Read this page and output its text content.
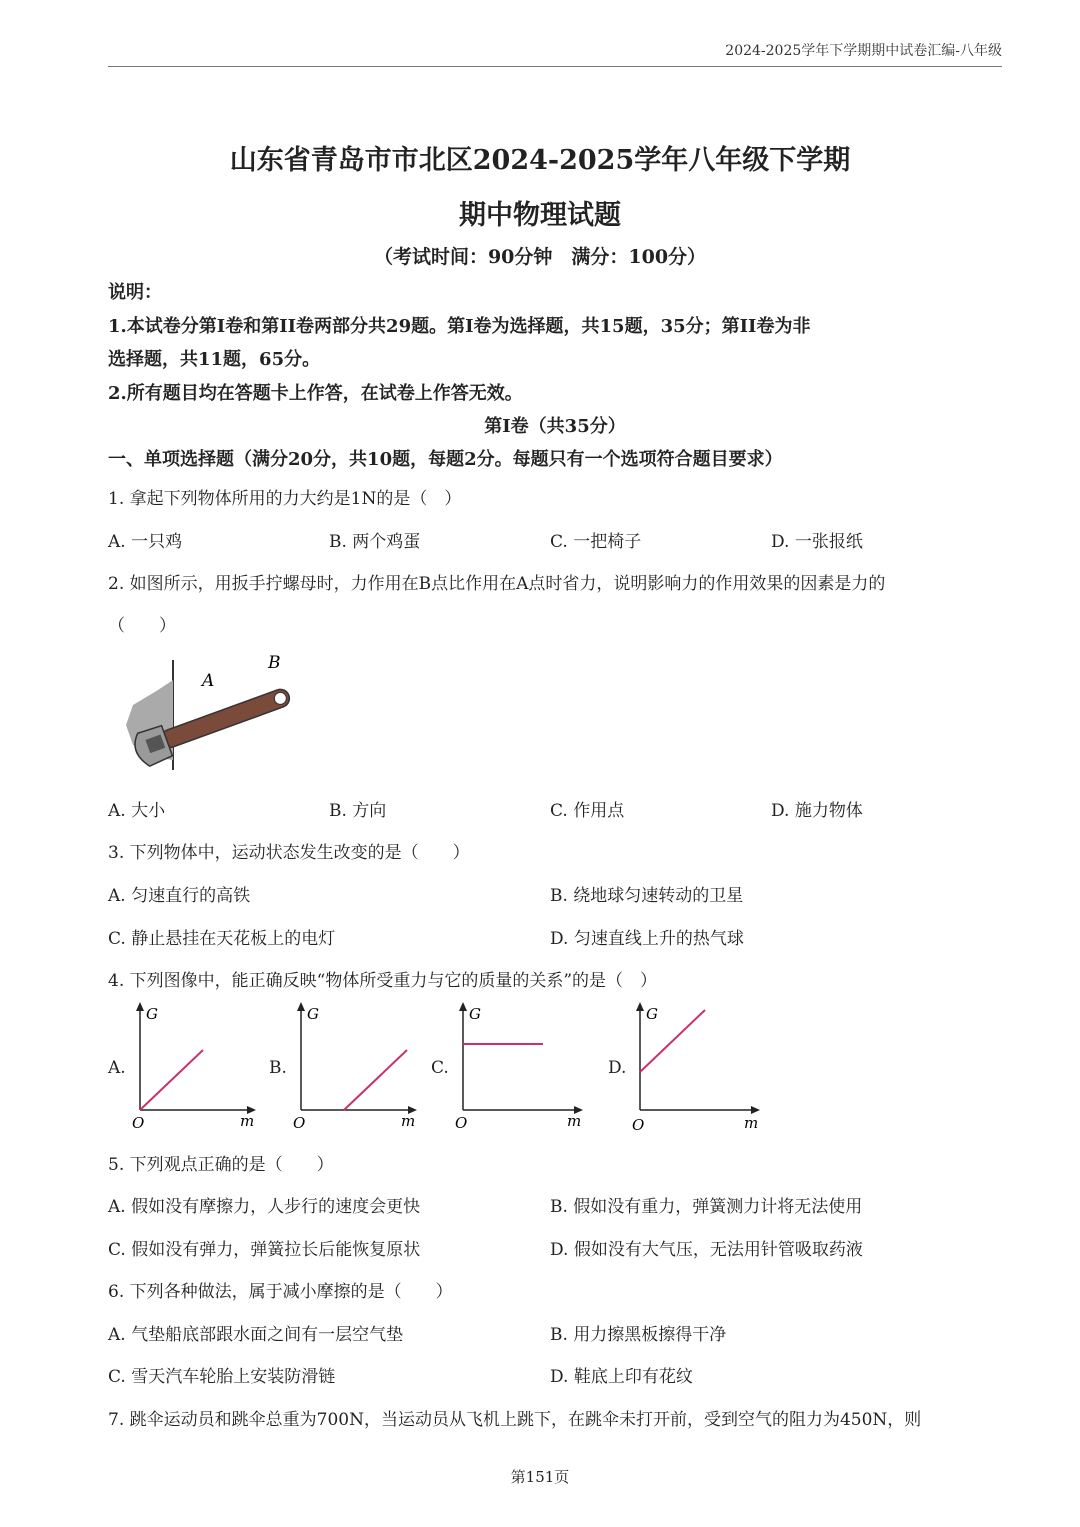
2024-2025学年下学期期中试卷汇编-八年级
山东省青岛市市北区2024-2025学年八年级下学期
期中物理试题
（考试时间：90分钟　满分：100分）
说明：
1.本试卷分第I卷和第II卷两部分共29题。第I卷为选择题，共15题，35分；第II卷为非
选择题，共11题，65分。
2.所有题目均在答题卡上作答，在试卷上作答无效。
第I卷（共35分）
一、单项选择题（满分20分，共10题，每题2分。每题只有一个选项符合题目要求）
1. 拿起下列物体所用的力大约是1N的是（　）
A. 一只鸡	B. 两个鸡蛋	C. 一把椅子	D. 一张报纸
2. 如图所示，用扳手拧螺母时，力作用在B点比作用在A点时省力，说明影响力的作用效果的因素是力的
（　　）
A
B
A. 大小	B. 方向	C. 作用点	D. 施力物体
3. 下列物体中，运动状态发生改变的是（　　）
A. 匀速直行的高铁	B. 绕地球匀速转动的卫星
C. 静止悬挂在天花板上的电灯	D. 匀速直线上升的热气球
4. 下列图像中，能正确反映“物体所受重力与它的质量的关系”的是（　）
A.	B.	C.	D.
G
m
O
G
m
O
G
m
O
G
m
O
5. 下列观点正确的是（　　）
A. 假如没有摩擦力，人步行的速度会更快	B. 假如没有重力，弹簧测力计将无法使用
C. 假如没有弹力，弹簧拉长后能恢复原状	D. 假如没有大气压，无法用针管吸取药液
6. 下列各种做法，属于减小摩擦的是（　　）
A. 气垫船底部跟水面之间有一层空气垫	B. 用力擦黑板擦得干净
C. 雪天汽车轮胎上安装防滑链	D. 鞋底上印有花纹
7. 跳伞运动员和跳伞总重为700N，当运动员从飞机上跳下，在跳伞未打开前，受到空气的阻力为450N，则
第151页
